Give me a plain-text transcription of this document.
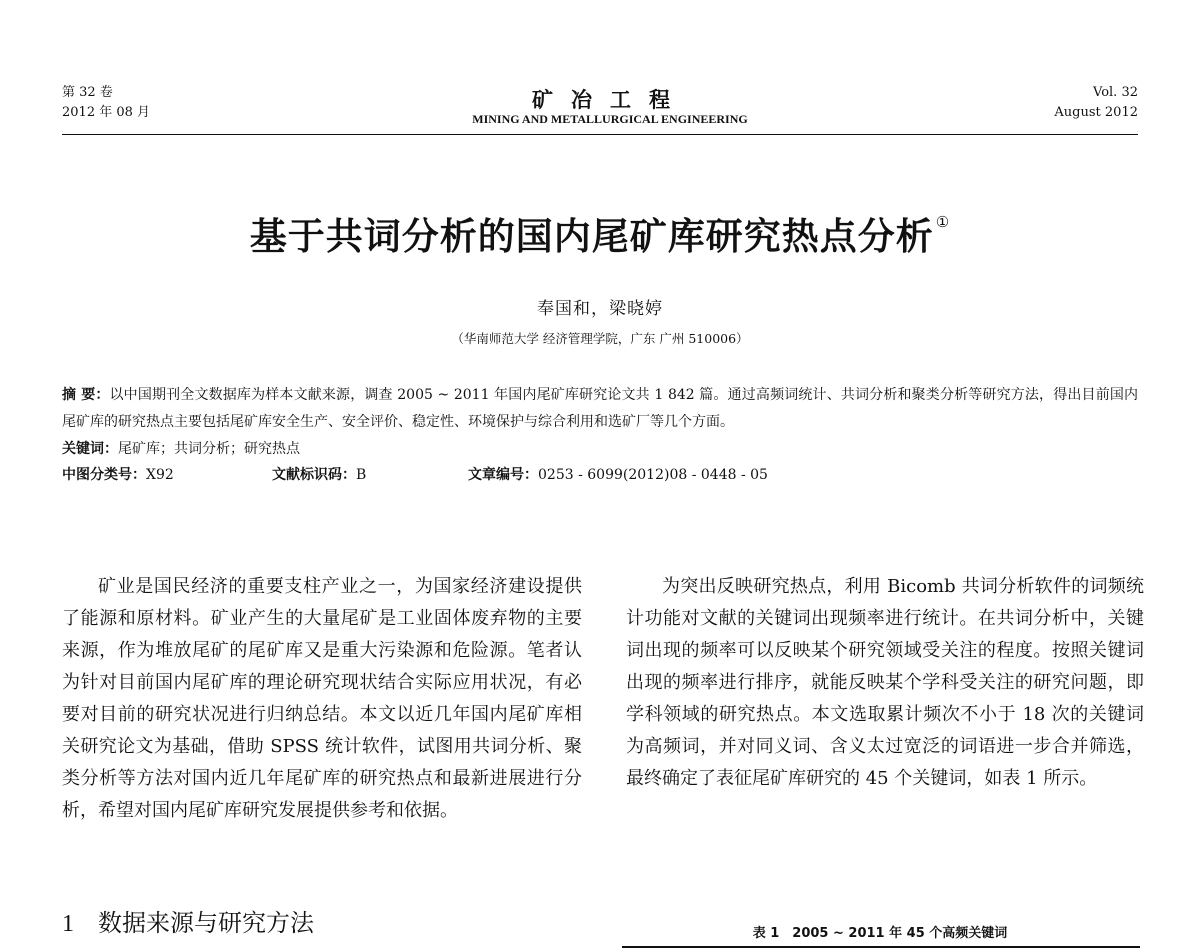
第 32 卷
2012 年 08 月
矿冶工程
MINING AND METALLURGICAL ENGINEERING
Vol. 32
August 2012
基于共词分析的国内尾矿库研究热点分析 ①
奉国和，梁晓婷
（华南师范大学 经济管理学院，广东 广州 510006）
摘 要：以中国期刊全文数据库为样本文献来源，调查 2005 ~ 2011 年国内尾矿库研究论文共 1 842 篇。通过高频词统计、共词分析和聚类分析等研究方法，得出目前国内尾矿库的研究热点主要包括尾矿库安全生产、安全评价、稳定性、环境保护与综合利用和选矿厂等几个方面。
关键词：尾矿库；共词分析；研究热点
中图分类号：X92	文献标识码：B	文章编号：0253 - 6099(2012)08 - 0448 - 05
矿业是国民经济的重要支柱产业之一，为国家经济建设提供了能源和原材料。矿业产生的大量尾矿是工业固体废弃物的主要来源，作为堆放尾矿的尾矿库又是重大污染源和危险源。笔者认为针对目前国内尾矿库的理论研究现状结合实际应用状况，有必要对目前的研究状况进行归纳总结。本文以近几年国内尾矿库相关研究论文为基础，借助 SPSS 统计软件，试图用共词分析、聚类分析等方法对国内近几年尾矿库的研究热点和最新进展进行分析，希望对国内尾矿库研究发展提供参考和依据。
为突出反映研究热点，利用 Bicomb 共词分析软件的词频统计功能对文献的关键词出现频率进行统计。在共词分析中，关键词出现的频率可以反映某个研究领域受关注的程度。按照关键词出现的频率进行排序，就能反映某个学科受关注的研究问题，即学科领域的研究热点。本文选取累计频次不小于 18 次的关键词为高频词，并对同义词、含义太过宽泛的词语进一步合并筛选，最终确定了表征尾矿库研究的 45 个关键词，如表 1 所示。
1 数据来源与研究方法	表 1　2005 ~ 2011 年 45 个高频关键词
